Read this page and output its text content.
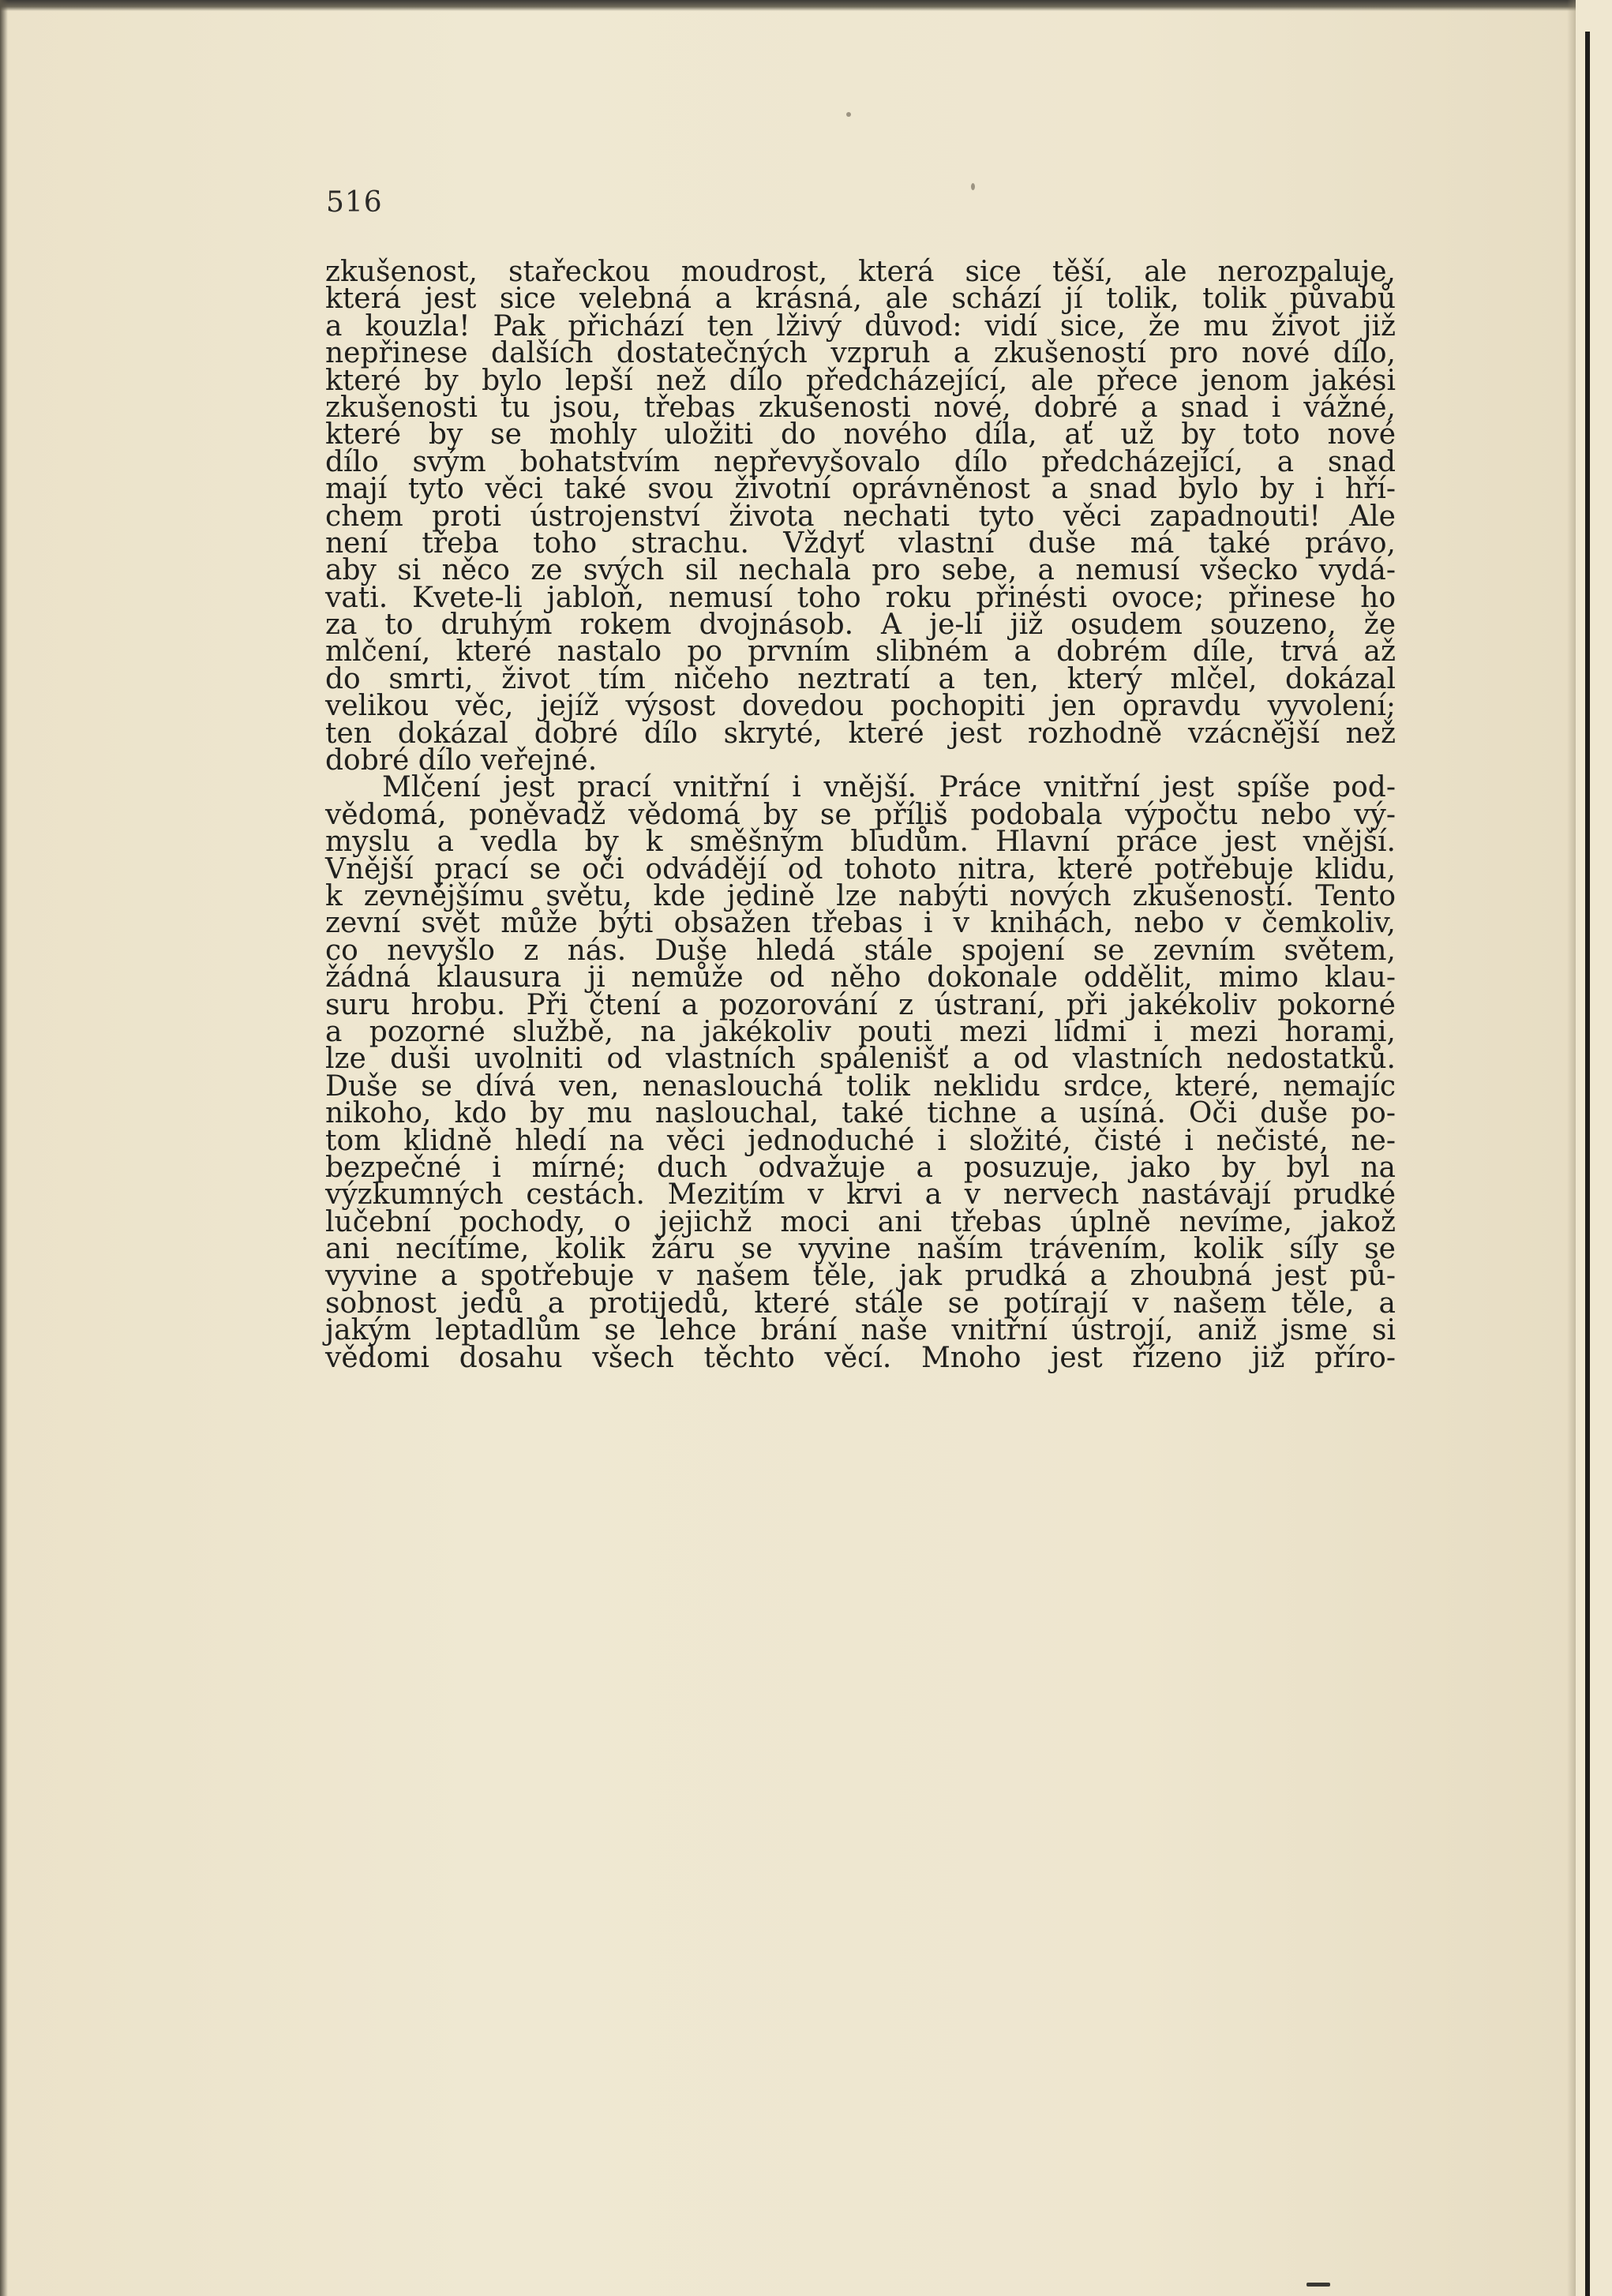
516

zkušenost, stařeckou moudrost, která sice těší, ale nerozpaluje,
která jest sice velebná a krásná, ale schází jí tolik, tolik půvabů
a kouzla! Pak přichází ten lživý důvod: vidí sice, že mu život již
nepřinese dalších dostatečných vzpruh a zkušeností pro nové dílo,
které by bylo lepší než dílo předcházející, ale přece jenom jakési
zkušenosti tu jsou, třebas zkušenosti nové, dobré a snad i vážné,
které by se mohly uložiti do nového díla, ať už by toto nové
dílo svým bohatstvím nepřevyšovalo dílo předcházející, a snad
mají tyto věci také svou životní oprávněnost a snad bylo by i hří-
chem proti ústrojenství života nechati tyto věci zapadnouti! Ale
není třeba toho strachu. Vždyť vlastní duše má také právo,
aby si něco ze svých sil nechala pro sebe, a nemusí všecko vydá-
vati. Kvete-li jabloň, nemusí toho roku přinésti ovoce; přinese ho
za to druhým rokem dvojnásob. A je-li již osudem souzeno, že
mlčení, které nastalo po prvním slibném a dobrém díle, trvá až
do smrti, život tím ničeho neztratí a ten, který mlčel, dokázal
velikou věc, jejíž výsost dovedou pochopiti jen opravdu vyvolení;
ten dokázal dobré dílo skryté, které jest rozhodně vzácnější než
dobré dílo veřejné.
Mlčení jest prací vnitřní i vnější. Práce vnitřní jest spíše pod-
vědomá, poněvadž vědomá by se příliš podobala výpočtu nebo vý-
myslu a vedla by k směšným bludům. Hlavní práce jest vnější.
Vnější prací se oči odvádějí od tohoto nitra, které potřebuje klidu,
k zevnějšímu světu, kde jedině lze nabýti nových zkušeností. Tento
zevní svět může býti obsažen třebas i v knihách, nebo v čemkoliv,
co nevyšlo z nás. Duše hledá stále spojení se zevním světem,
žádná klausura ji nemůže od něho dokonale oddělit, mimo klau-
suru hrobu. Při čtení a pozorování z ústraní, při jakékoliv pokorné
a pozorné službě, na jakékoliv pouti mezi lidmi i mezi horami,
lze duši uvolniti od vlastních spálenišť a od vlastních nedostatků.
Duše se dívá ven, nenaslouchá tolik neklidu srdce, které, nemajíc
nikoho, kdo by mu naslouchal, také tichne a usíná. Oči duše po-
tom klidně hledí na věci jednoduché i složité, čisté i nečisté, ne-
bezpečné i mírné; duch odvažuje a posuzuje, jako by byl na
výzkumných cestách. Mezitím v krvi a v nervech nastávají prudké
lučební pochody, o jejichž moci ani třebas úplně nevíme, jakož
ani necítíme, kolik žáru se vyvine naším trávením, kolik síly se
vyvine a spotřebuje v našem těle, jak prudká a zhoubná jest pů-
sobnost jedů a protijedů, které stále se potírají v našem těle, a
jakým leptadlům se lehce brání naše vnitřní ústrojí, aniž jsme si
vědomi dosahu všech těchto věcí. Mnoho jest řízeno již příro-
